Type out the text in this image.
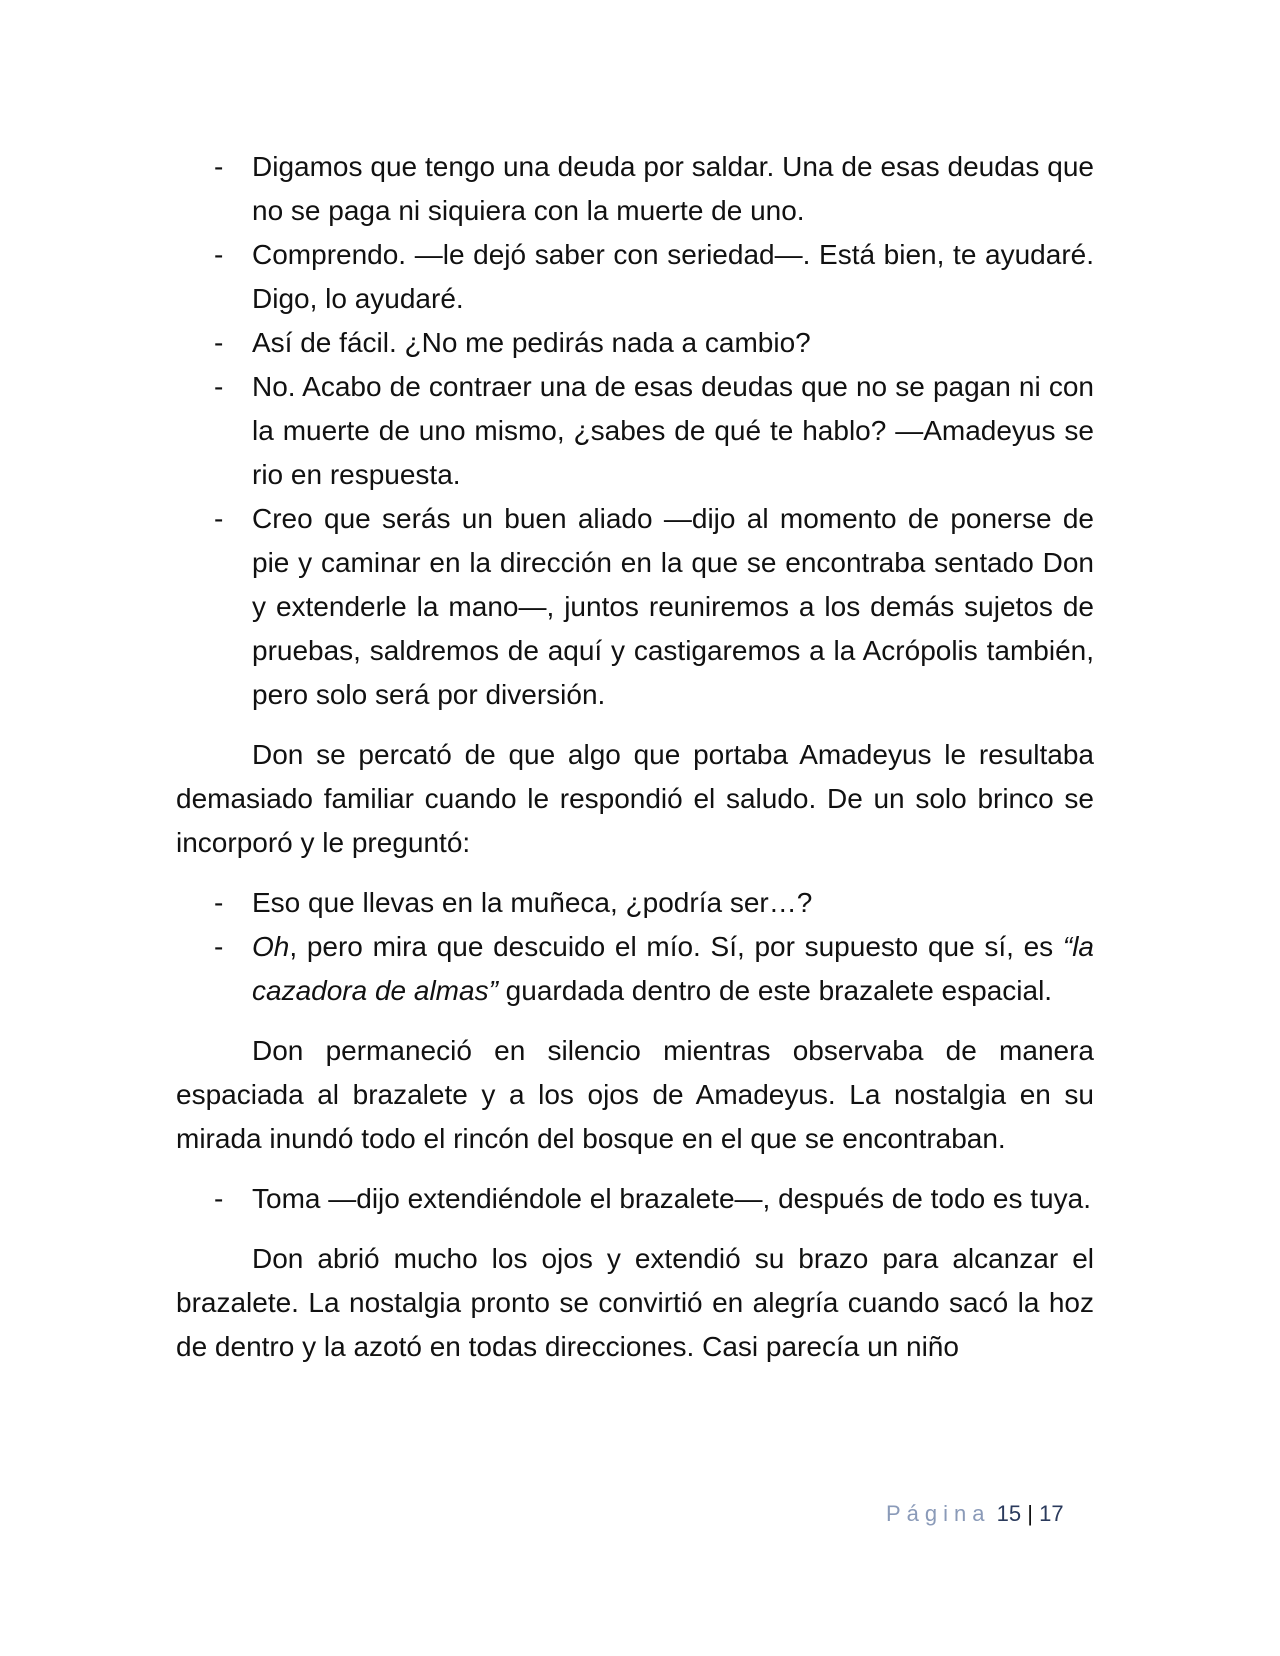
- Digamos que tengo una deuda por saldar. Una de esas deudas que no se paga ni siquiera con la muerte de uno.
- Comprendo. —le dejó saber con seriedad—. Está bien, te ayudaré. Digo, lo ayudaré.
- Así de fácil. ¿No me pedirás nada a cambio?
- No. Acabo de contraer una de esas deudas que no se pagan ni con la muerte de uno mismo, ¿sabes de qué te hablo? —Amadeyus se rio en respuesta.
- Creo que serás un buen aliado —dijo al momento de ponerse de pie y caminar en la dirección en la que se encontraba sentado Don y extenderle la mano—, juntos reuniremos a los demás sujetos de pruebas, saldremos de aquí y castigaremos a la Acrópolis también, pero solo será por diversión.

Don se percató de que algo que portaba Amadeyus le resultaba demasiado familiar cuando le respondió el saludo. De un solo brinco se incorporó y le preguntó:

- Eso que llevas en la muñeca, ¿podría ser…?
- Oh, pero mira que descuido el mío. Sí, por supuesto que sí, es “la cazadora de almas” guardada dentro de este brazalete espacial.

Don permaneció en silencio mientras observaba de manera espaciada al brazalete y a los ojos de Amadeyus. La nostalgia en su mirada inundó todo el rincón del bosque en el que se encontraban.

- Toma —dijo extendiéndole el brazalete—, después de todo es tuya.

Don abrió mucho los ojos y extendió su brazo para alcanzar el brazalete. La nostalgia pronto se convirtió en alegría cuando sacó la hoz de dentro y la azotó en todas direcciones. Casi parecía un niño

Página 15 | 17
